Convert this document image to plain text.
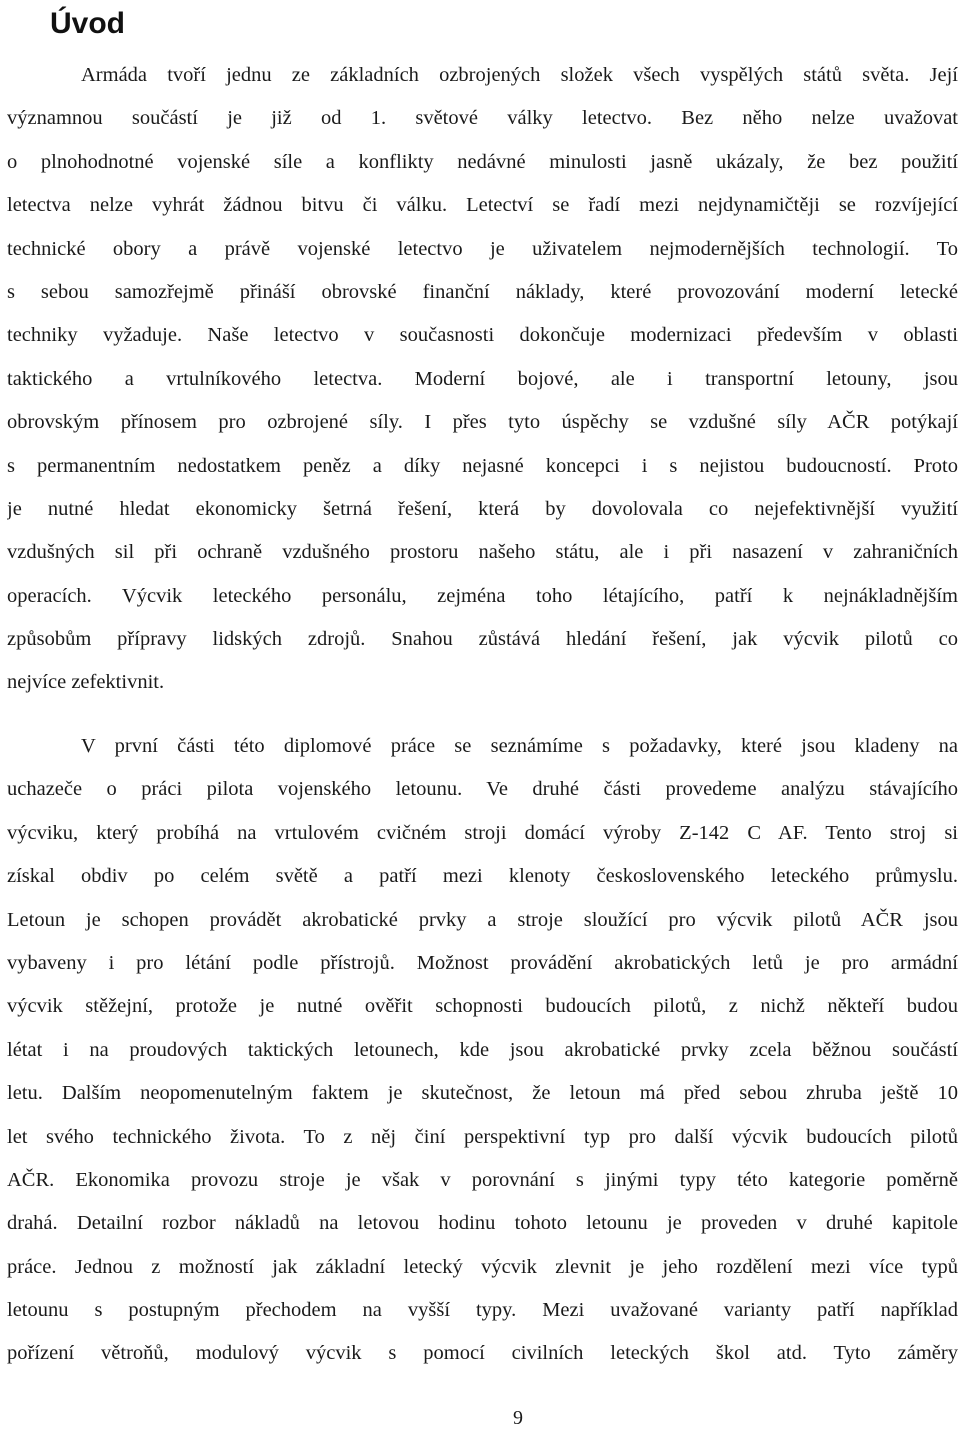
Úvod
Armáda tvoří jednu ze základních ozbrojených složek všech vyspělých států světa. Její
významnou součástí je již od 1. světové války letectvo. Bez něho nelze uvažovat
o plnohodnotné vojenské síle a konflikty nedávné minulosti jasně ukázaly, že bez použití
letectva nelze vyhrát žádnou bitvu či válku. Letectví se řadí mezi nejdynamičtěji se rozvíjející
technické obory a právě vojenské letectvo je uživatelem nejmodernějších technologií. To
s sebou samozřejmě přináší obrovské finanční náklady, které provozování moderní letecké
techniky vyžaduje. Naše letectvo v současnosti dokončuje modernizaci především v oblasti
taktického a vrtulníkového letectva. Moderní bojové, ale i transportní letouny, jsou
obrovským přínosem pro ozbrojené síly. I přes tyto úspěchy se vzdušné síly AČR potýkají
s permanentním nedostatkem peněz a díky nejasné koncepci i s nejistou budoucností. Proto
je nutné hledat ekonomicky šetrná řešení, která by dovolovala co nejefektivnější využití
vzdušných sil při ochraně vzdušného prostoru našeho státu, ale i při nasazení v zahraničních
operacích. Výcvik leteckého personálu, zejména toho létajícího, patří k nejnákladnějším
způsobům přípravy lidských zdrojů. Snahou zůstává hledání řešení, jak výcvik pilotů co
nejvíce zefektivnit.
V první části této diplomové práce se seznámíme s požadavky, které jsou kladeny na
uchazeče o práci pilota vojenského letounu. Ve druhé části provedeme analýzu stávajícího
výcviku, který probíhá na vrtulovém cvičném stroji domácí výroby Z-142 C AF. Tento stroj si
získal obdiv po celém světě a patří mezi klenoty československého leteckého průmyslu.
Letoun je schopen provádět akrobatické prvky a stroje sloužící pro výcvik pilotů AČR jsou
vybaveny i pro létání podle přístrojů. Možnost provádění akrobatických letů je pro armádní
výcvik stěžejní, protože je nutné ověřit schopnosti budoucích pilotů, z nichž někteří budou
létat i na proudových taktických letounech, kde jsou akrobatické prvky zcela běžnou součástí
letu. Dalším neopomenutelným faktem je skutečnost, že letoun má před sebou zhruba ještě 10
let svého technického života. To z něj činí perspektivní typ pro další výcvik budoucích pilotů
AČR. Ekonomika provozu stroje je však v porovnání s jinými typy této kategorie poměrně
drahá. Detailní rozbor nákladů na letovou hodinu tohoto letounu je proveden v druhé kapitole
práce. Jednou z možností jak základní letecký výcvik zlevnit je jeho rozdělení mezi více typů
letounu s postupným přechodem na vyšší typy. Mezi uvažované varianty patří například
pořízení větroňů, modulový výcvik s pomocí civilních leteckých škol atd. Tyto záměry
9
